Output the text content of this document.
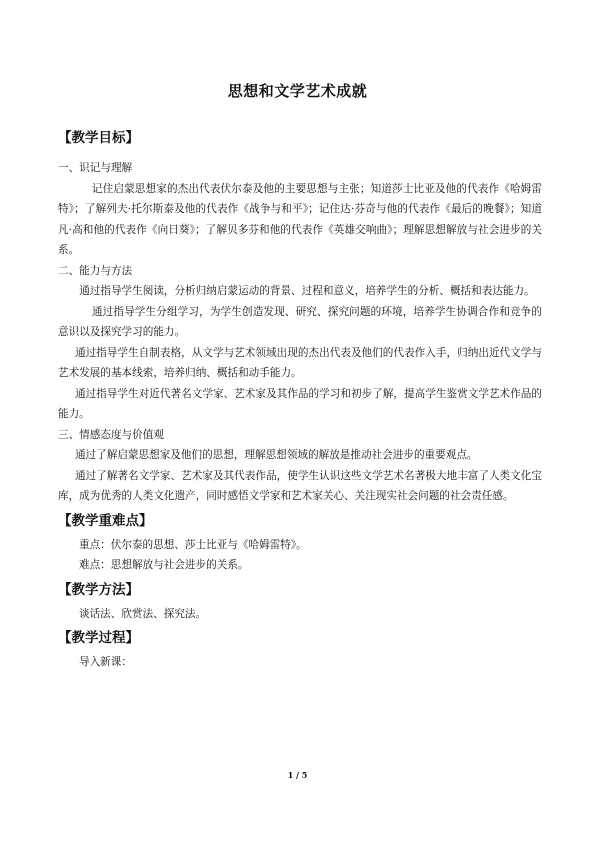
思想和文学艺术成就
【教学目标】

一、识记与理解

记住启蒙思想家的杰出代表伏尔泰及他的主要思想与主张；知道莎士比亚及他的代表作《哈姆雷特》；了解列夫·托尔斯泰及他的代表作《战争与和平》；记住达·芬奇与他的代表作《最后的晚餐》；知道凡·高和他的代表作《向日葵》；了解贝多芬和他的代表作《英雄交响曲》；理解思想解放与社会进步的关系。

二、能力与方法

通过指导学生阅读，分析归纳启蒙运动的背景、过程和意义，培养学生的分析、概括和表达能力。

通过指导学生分组学习，为学生创造发现、研究、探究问题的环境，培养学生协调合作和竞争的意识以及探究学习的能力。

通过指导学生自制表格，从文学与艺术领域出现的杰出代表及他们的代表作入手，归纳出近代文学与艺术发展的基本线索，培养归纳、概括和动手能力。

通过指导学生对近代著名文学家、艺术家及其作品的学习和初步了解，提高学生鉴赏文学艺术作品的能力。

三、情感态度与价值观

通过了解启蒙思想家及他们的思想，理解思想领域的解放是推动社会进步的重要观点。

通过了解著名文学家、艺术家及其代表作品，使学生认识这些文学艺术名著极大地丰富了人类文化宝库，成为优秀的人类文化遗产，同时感悟文学家和艺术家关心、关注现实社会问题的社会责任感。

【教学重难点】

重点：伏尔泰的思想、莎士比亚与《哈姆雷特》。

难点：思想解放与社会进步的关系。

【教学方法】

谈话法、欣赏法、探究法。

【教学过程】

导入新课：

1 / 5
